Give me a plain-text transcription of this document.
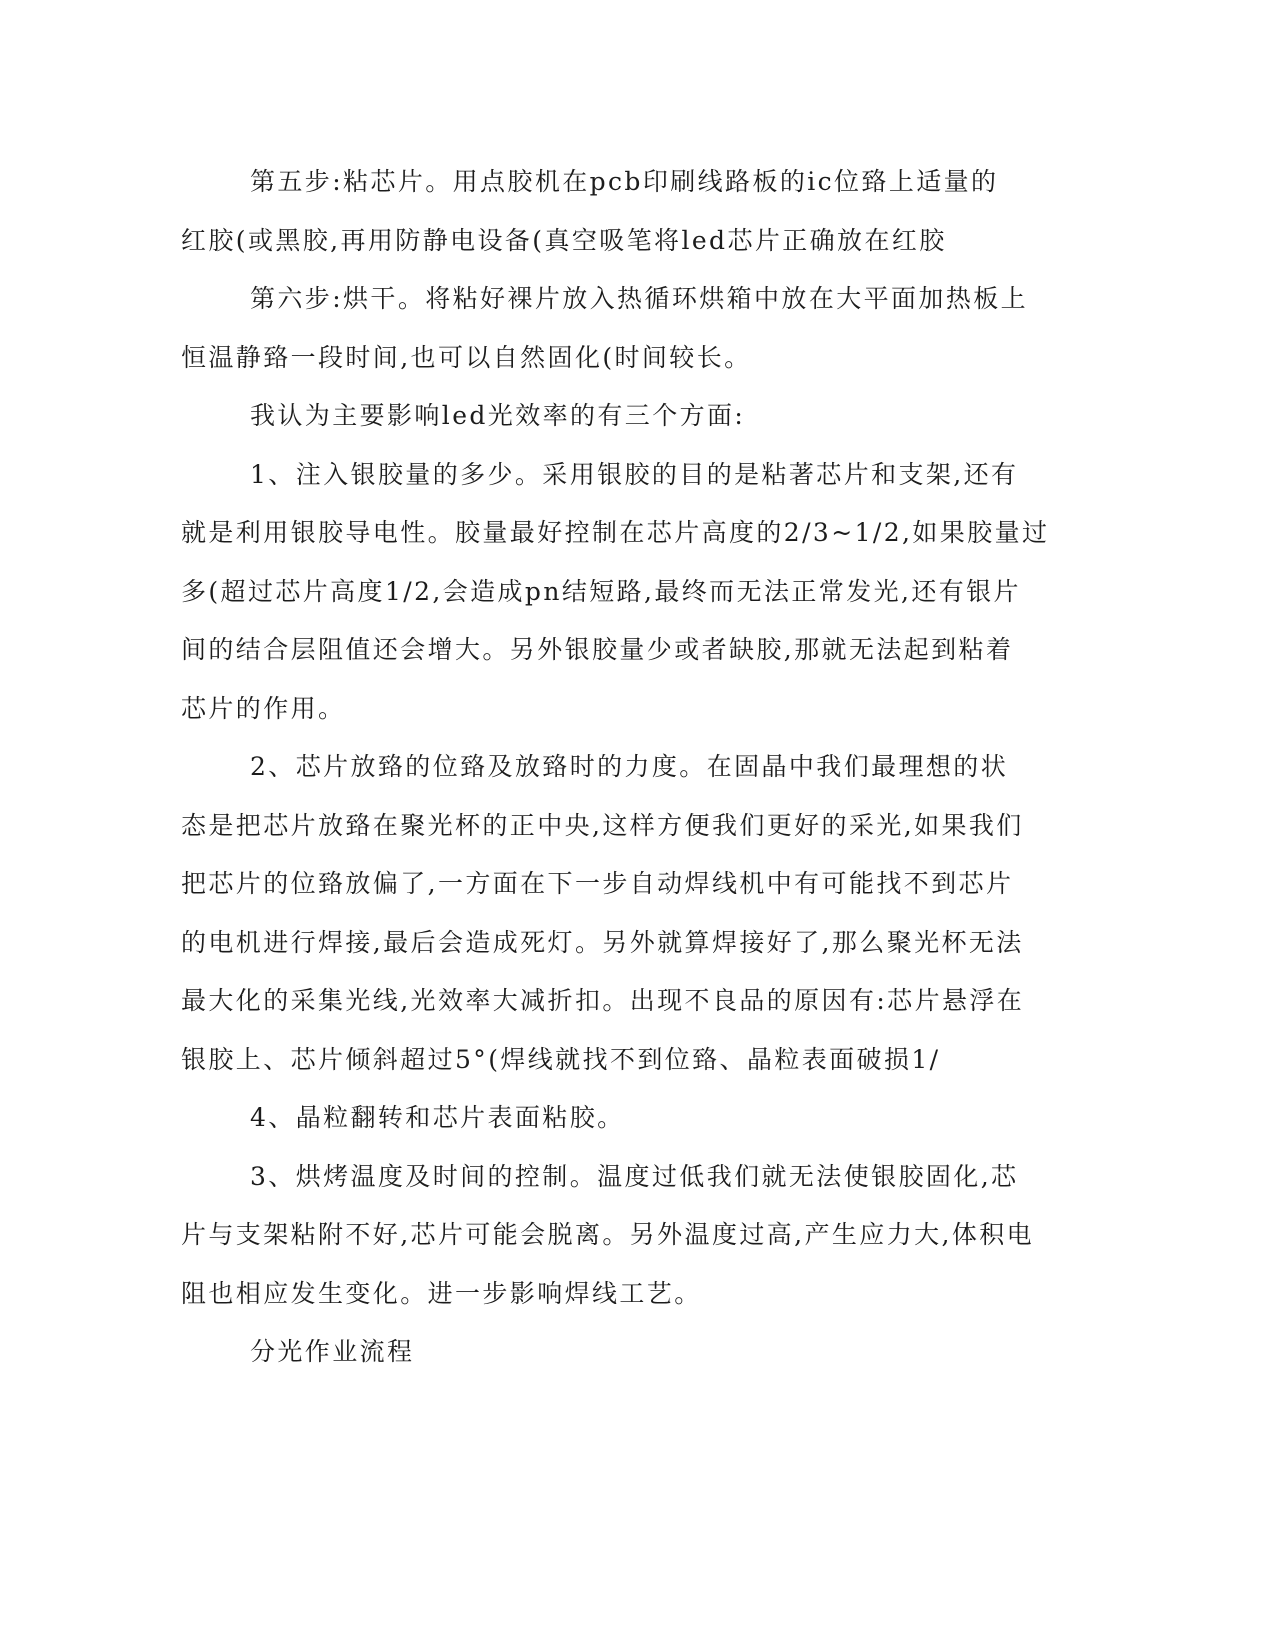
第五步:粘芯片。用点胶机在pcb印刷线路板的ic位臵上适量的
红胶(或黑胶,再用防静电设备(真空吸笔将led芯片正确放在红胶
第六步:烘干。将粘好裸片放入热循环烘箱中放在大平面加热板上
恒温静臵一段时间,也可以自然固化(时间较长。
我认为主要影响led光效率的有三个方面:
1、注入银胶量的多少。采用银胶的目的是粘著芯片和支架,还有
就是利用银胶导电性。胶量最好控制在芯片高度的2/3~1/2,如果胶量过
多(超过芯片高度1/2,会造成pn结短路,最终而无法正常发光,还有银片
间的结合层阻值还会增大。另外银胶量少或者缺胶,那就无法起到粘着
芯片的作用。
2、芯片放臵的位臵及放臵时的力度。在固晶中我们最理想的状
态是把芯片放臵在聚光杯的正中央,这样方便我们更好的采光,如果我们
把芯片的位臵放偏了,一方面在下一步自动焊线机中有可能找不到芯片
的电机进行焊接,最后会造成死灯。另外就算焊接好了,那么聚光杯无法
最大化的采集光线,光效率大减折扣。出现不良品的原因有:芯片悬浮在
银胶上、芯片倾斜超过5°(焊线就找不到位臵、晶粒表面破损1/
4、晶粒翻转和芯片表面粘胶。
3、烘烤温度及时间的控制。温度过低我们就无法使银胶固化,芯
片与支架粘附不好,芯片可能会脱离。另外温度过高,产生应力大,体积电
阻也相应发生变化。进一步影响焊线工艺。
分光作业流程
